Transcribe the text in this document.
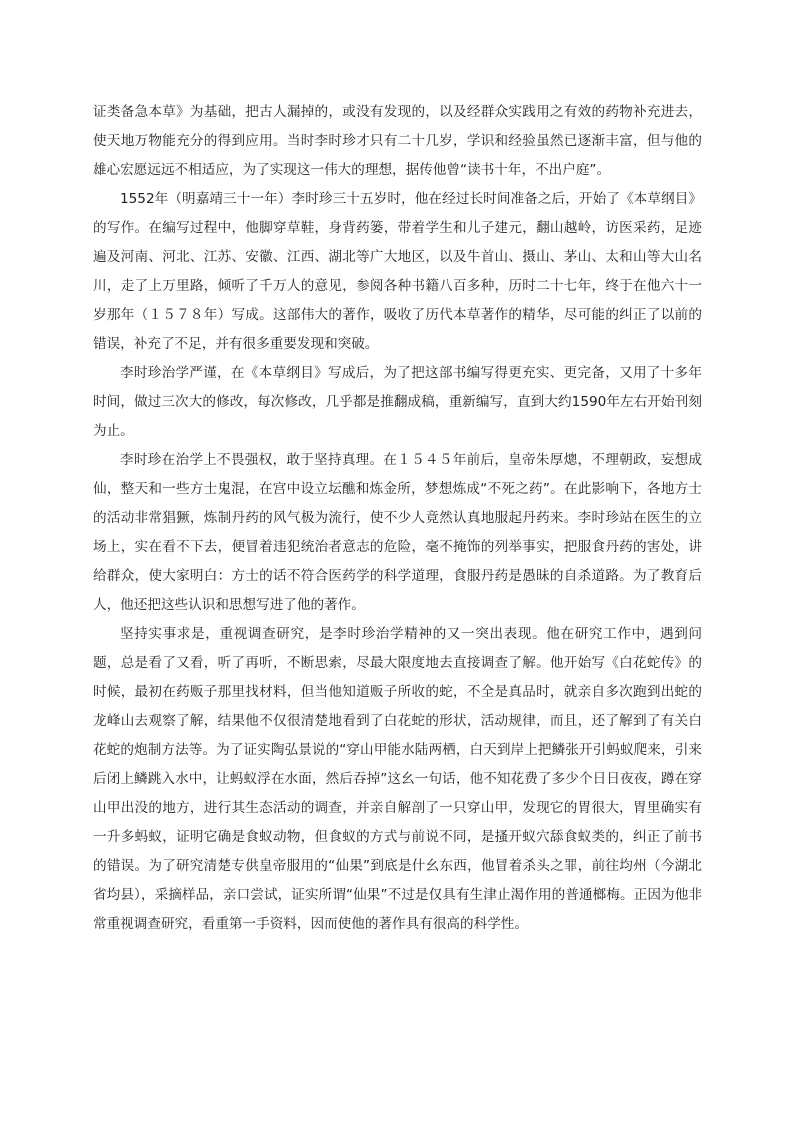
证类备急本草》为基础，把古人漏掉的，或没有发现的，以及经群众实践用之有效的药物补充进去，使天地万物能充分的得到应用。当时李时珍才只有二十几岁，学识和经验虽然已逐渐丰富，但与他的雄心宏愿远远不相适应，为了实现这一伟大的理想，据传他曾“读书十年，不出户庭”。

1552年（明嘉靖三十一年）李时珍三十五岁时，他在经过长时间准备之后，开始了《本草纲目》的写作。在编写过程中，他脚穿草鞋，身背药篓，带着学生和儿子建元，翻山越岭，访医采药，足迹遍及河南、河北、江苏、安徽、江西、湖北等广大地区，以及牛首山、摄山、茅山、太和山等大山名川，走了上万里路，倾听了千万人的意见，参阅各种书籍八百多种，历时二十七年，终于在他六十一岁那年（１５７８年）写成。这部伟大的著作，吸收了历代本草著作的精华，尽可能的纠正了以前的错误，补充了不足，并有很多重要发现和突破。

李时珍治学严谨，在《本草纲目》写成后，为了把这部书编写得更充实、更完备，又用了十多年时间，做过三次大的修改，每次修改，几乎都是推翻成稿，重新编写，直到大约1590年左右开始刊刻为止。

李时珍在治学上不畏强权，敢于坚持真理。在１５４５年前后，皇帝朱厚熜，不理朝政，妄想成仙，整天和一些方士鬼混，在宫中设立坛醮和炼金所，梦想炼成“不死之药”。在此影响下，各地方士的活动非常猖獗，炼制丹药的风气极为流行，使不少人竟然认真地服起丹药来。李时珍站在医生的立场上，实在看不下去，便冒着违犯统治者意志的危险，毫不掩饰的列举事实，把服食丹药的害处，讲给群众，使大家明白：方士的话不符合医药学的科学道理，食服丹药是愚昧的自杀道路。为了教育后人，他还把这些认识和思想写进了他的著作。

坚持实事求是，重视调查研究，是李时珍治学精神的又一突出表现。他在研究工作中，遇到问题，总是看了又看，听了再听，不断思索，尽最大限度地去直接调查了解。他开始写《白花蛇传》的时候，最初在药贩子那里找材料，但当他知道贩子所收的蛇，不全是真品时，就亲自多次跑到出蛇的龙峰山去观察了解，结果他不仅很清楚地看到了白花蛇的形状，活动规律，而且，还了解到了有关白花蛇的炮制方法等。为了证实陶弘景说的“穿山甲能水陆两栖，白天到岸上把鳞张开引蚂蚁爬来，引来后闭上鳞跳入水中，让蚂蚁浮在水面，然后吞掉”这幺一句话，他不知花费了多少个日日夜夜，蹲在穿山甲出没的地方，进行其生态活动的调查，并亲自解剖了一只穿山甲，发现它的胃很大，胃里确实有一升多蚂蚁，证明它确是食蚁动物，但食蚁的方式与前说不同，是搔开蚁穴舔食蚁类的，纠正了前书的错误。为了研究清楚专供皇帝服用的“仙果”到底是什幺东西，他冒着杀头之罪，前往均州（今湖北省均县），采摘样品，亲口尝试，证实所谓“仙果”不过是仅具有生津止渴作用的普通榔梅。正因为他非常重视调查研究，看重第一手资料，因而使他的著作具有很高的科学性。
